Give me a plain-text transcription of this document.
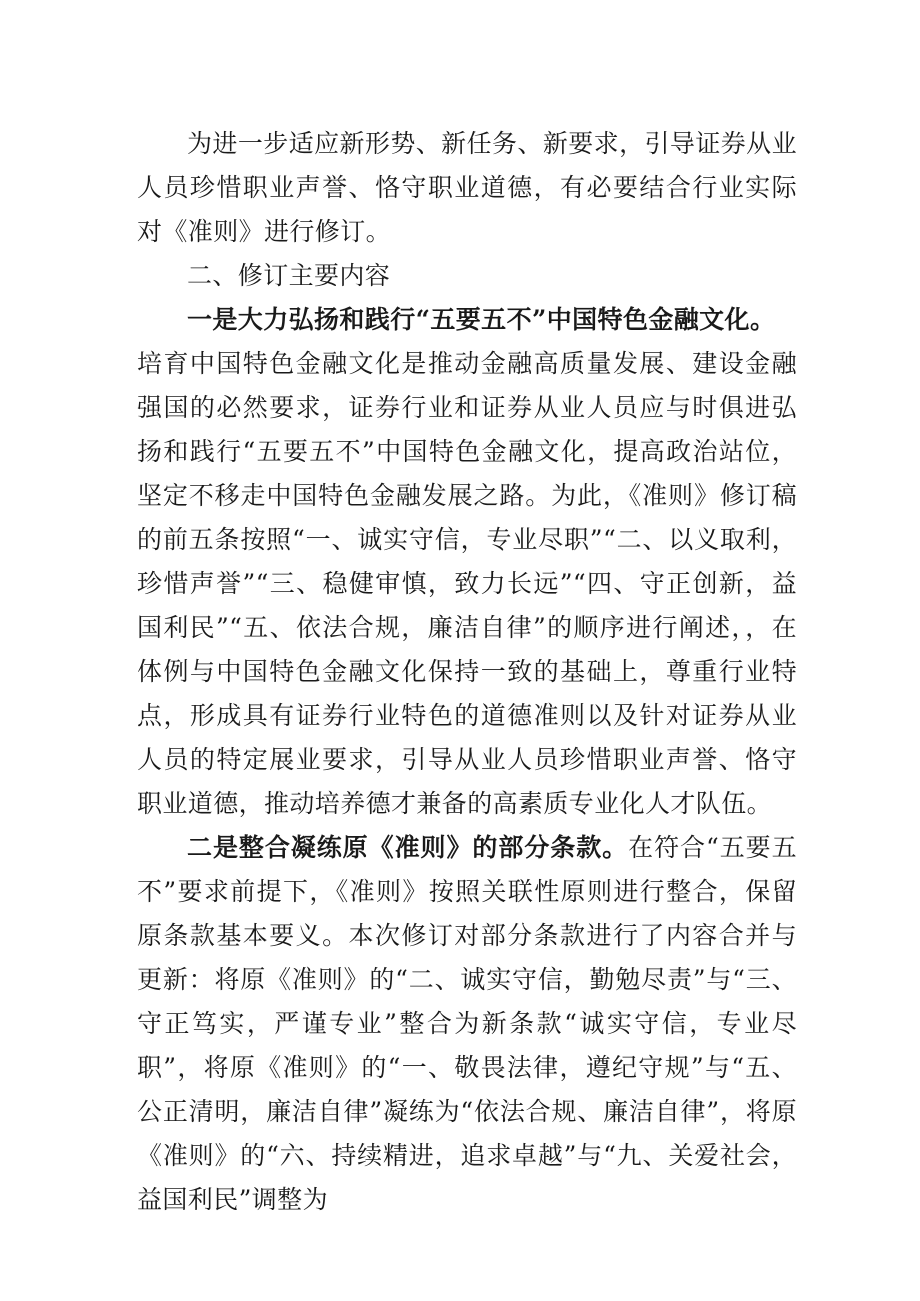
为进一步适应新形势、新任务、新要求，引导证券从业人员珍惜职业声誉、恪守职业道德，有必要结合行业实际对《准则》进行修订。

二、修订主要内容

一是大力弘扬和践行“五要五不”中国特色金融文化。

培育中国特色金融文化是推动金融高质量发展、建设金融强国的必然要求，证券行业和证券从业人员应与时俱进弘扬和践行“五要五不”中国特色金融文化，提高政治站位，坚定不移走中国特色金融发展之路。为此，《准则》修订稿的前五条按照“一、诚实守信，专业尽职”“二、以义取利，珍惜声誉”“三、稳健审慎，致力长远”“四、守正创新，益国利民”“五、依法合规，廉洁自律”的顺序进行阐述，，在体例与中国特色金融文化保持一致的基础上，尊重行业特点，形成具有证券行业特色的道德准则以及针对证券从业人员的特定展业要求，引导从业人员珍惜职业声誉、恪守职业道德，推动培养德才兼备的高素质专业化人才队伍。

二是整合凝练原《准则》的部分条款。在符合“五要五不”要求前提下，《准则》按照关联性原则进行整合，保留原条款基本要义。本次修订对部分条款进行了内容合并与更新：将原《准则》的“二、诚实守信，勤勉尽责”与“三、守正笃实，严谨专业”整合为新条款“诚实守信，专业尽职”，将原《准则》的“一、敬畏法律，遵纪守规”与“五、公正清明，廉洁自律”凝练为“依法合规、廉洁自律”，将原《准则》的“六、持续精进，追求卓越”与“九、关爱社会，益国利民”调整为
